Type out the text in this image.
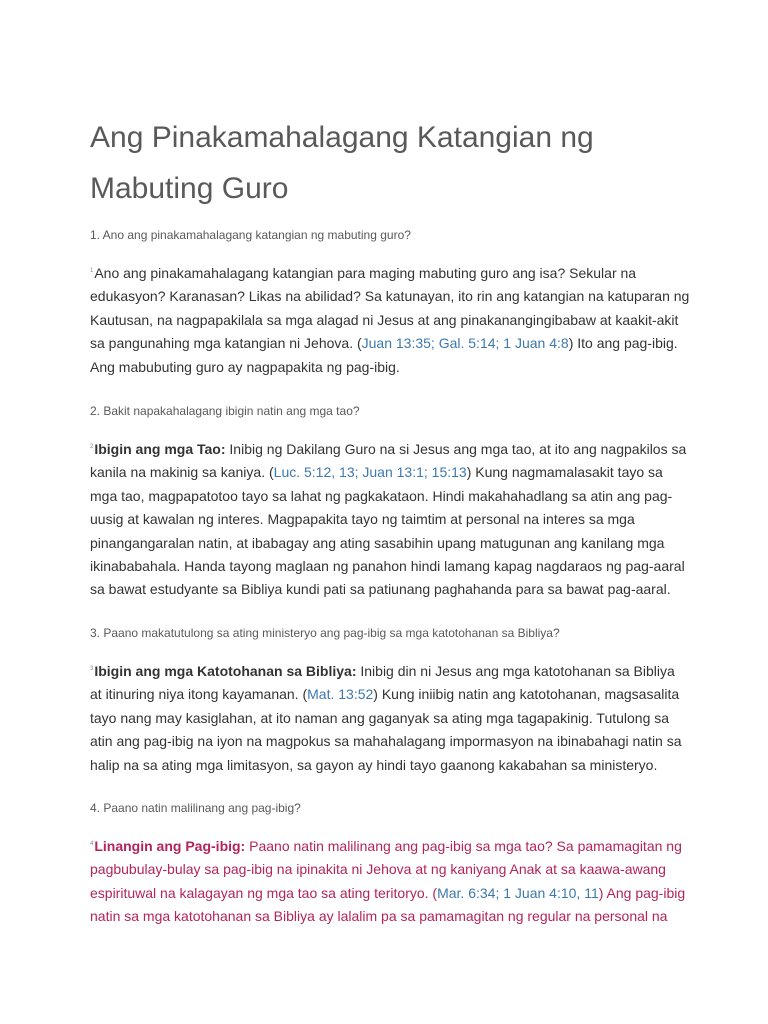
Ang Pinakamahalagang Katangian ng Mabuting Guro
1. Ano ang pinakamahalagang katangian ng mabuting guro?
$^1$Ano ang pinakamahalagang katangian para maging mabuting guro ang isa? Sekular na edukasyon? Karanasan? Likas na abilidad? Sa katunayan, ito rin ang katangian na katuparan ng Kautusan, na nagpapakilala sa mga alagad ni Jesus at ang pinakanangingibabaw at kaakit-akit sa pangunahing mga katangian ni Jehova. (Juan 13:35; Gal. 5:14; 1 Juan 4:8) Ito ang pag-ibig. Ang mabubuting guro ay nagpapakita ng pag-ibig.
2. Bakit napakahalagang ibigin natin ang mga tao?
$^2$Ibigin ang mga Tao: Inibig ng Dakilang Guro na si Jesus ang mga tao, at ito ang nagpakilos sa kanila na makinig sa kaniya. (Luc. 5:12, 13; Juan 13:1; 15:13) Kung nagmamalasakit tayo sa mga tao, magpapatotoo tayo sa lahat ng pagkakataon. Hindi makahahadlang sa atin ang pag-uusig at kawalan ng interes. Magpapakita tayo ng taimtim at personal na interes sa mga pinangangaralan natin, at ibabagay ang ating sasabihin upang matugunan ang kanilang mga ikinababahala. Handa tayong maglaan ng panahon hindi lamang kapag nagdaraos ng pag-aaral sa bawat estudyante sa Bibliya kundi pati sa patiunang paghahanda para sa bawat pag-aaral.
3. Paano makatutulong sa ating ministeryo ang pag-ibig sa mga katotohanan sa Bibliya?
$^3$Ibigin ang mga Katotohanan sa Bibliya: Inibig din ni Jesus ang mga katotohanan sa Bibliya at itinuring niya itong kayamanan. (Mat. 13:52) Kung iniibig natin ang katotohanan, magsasalita tayo nang may kasiglahan, at ito naman ang gaganyak sa ating mga tagapakinig. Tutulong sa atin ang pag-ibig na iyon na magpokus sa mahahalagang impormasyon na ibinabahagi natin sa halip na sa ating mga limitasyon, sa gayon ay hindi tayo gaanong kakabahan sa ministeryo.
4. Paano natin malilinang ang pag-ibig?
$^4$Linangin ang Pag-ibig: Paano natin malilinang ang pag-ibig sa mga tao? Sa pamamagitan ng pagbubulay-bulay sa pag-ibig na ipinakita ni Jehova at ng kaniyang Anak at sa kaawa-awang espirituwal na kalagayan ng mga tao sa ating teritoryo. (Mar. 6:34; 1 Juan 4:10, 11) Ang pag-ibig natin sa mga katotohanan sa Bibliya ay lalalim pa sa pamamagitan ng regular na personal na
